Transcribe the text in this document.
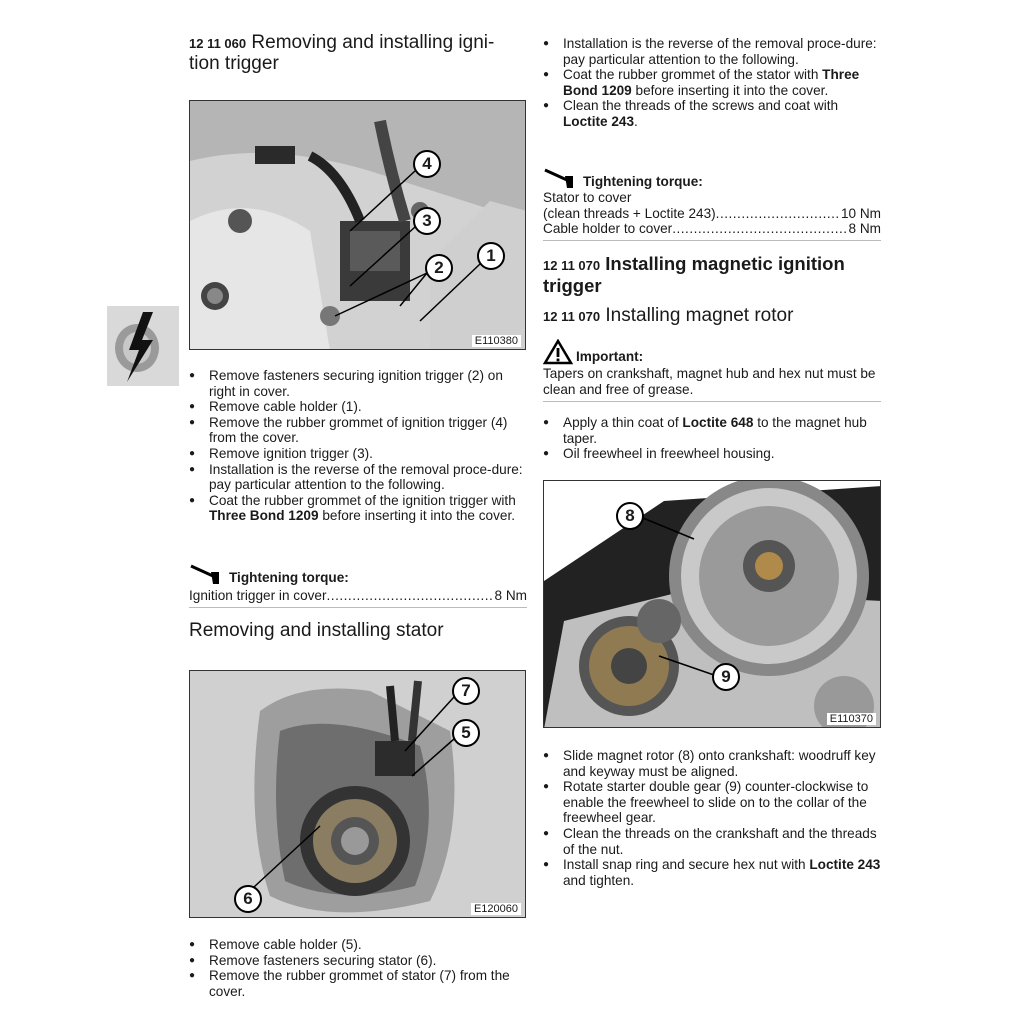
12 11 060 Removing and installing igni-
tion trigger
4
3
2
1
E110380
● Remove fasteners securing ignition trigger (2) on right in cover.
● Remove cable holder (1).
● Remove the rubber grommet of ignition trigger (4) from the cover.
● Remove ignition trigger (3).
● Installation is the reverse of the removal proce-dure: pay particular attention to the following.
● Coat the rubber grommet of the ignition trigger with Three Bond 1209 before inserting it into the cover.
Tightening torque:
Ignition trigger in cover .....	8 Nm
Removing and installing stator
7
5
6
E120060
● Remove cable holder (5).
● Remove fasteners securing stator (6).
● Remove the rubber grommet of stator (7) from the cover.
● Installation is the reverse of the removal proce-dure: pay particular attention to the following.
● Coat the rubber grommet of the stator with Three Bond 1209 before inserting it into the cover.
● Clean the threads of the screws and coat with Loctite 243.
Tightening torque:
Stator to cover
(clean threads + Loctite 243) .....	10 Nm
Cable holder to cover .....	8 Nm
12 11 070 Installing magnetic ignition trigger
12 11 070 Installing magnet rotor
Important:
Tapers on crankshaft, magnet hub and hex nut must be clean and free of grease.
● Apply a thin coat of Loctite 648 to the magnet hub taper.
● Oil freewheel in freewheel housing.
8
9
E110370
● Slide magnet rotor (8) onto crankshaft: woodruff key and keyway must be aligned.
● Rotate starter double gear (9) counter-clockwise to enable the freewheel to slide on to the collar of the freewheel gear.
● Clean the threads on the crankshaft and the threads of the nut.
● Install snap ring and secure hex nut with Loctite 243 and tighten.
